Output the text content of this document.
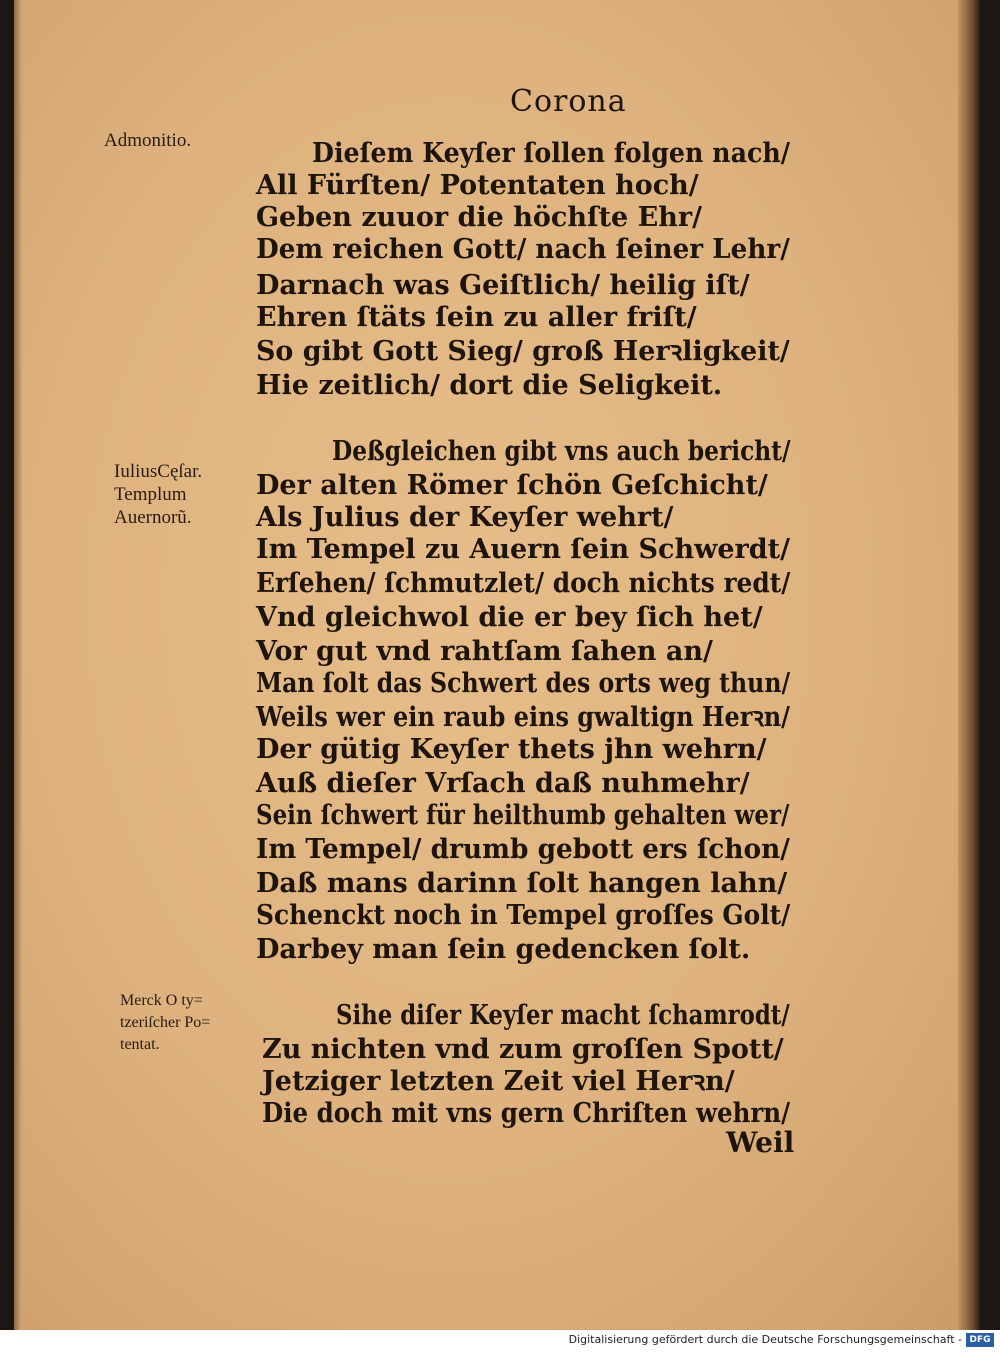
Corona
Admonitio.
IuliusCęſar.
Templum
Auernorũ.
Merck O ty=
tzeriſcher Po=
tentat.
Dieſem Keyſer ſollen folgen nach/
All Fürſten/ Potentaten hoch/
Geben zuuor die höchſte Ehr/
Dem reichen Gott/ nach ſeiner Lehr/
Darnach was Geiſtlich/ heilig iſt/
Ehren ſtäts ſein zu aller friſt/
So gibt Gott Sieg/ groß Herꝛligkeit/
Hie zeitlich/ dort die Seligkeit.
Deßgleichen gibt vns auch bericht/
Der alten Römer ſchön Geſchicht/
Als Julius der Keyſer wehrt/
Im Tempel zu Auern ſein Schwerdt/
Erſehen/ ſchmutzlet/ doch nichts redt/
Vnd gleichwol die er bey ſich het/
Vor gut vnd rahtſam ſahen an/
Man ſolt das Schwert des orts weg thun/
Weils wer ein raub eins gwaltign Herꝛn/
Der gütig Keyſer thets jhn wehrn/
Auß dieſer Vrſach daß nuhmehr/
Sein ſchwert für heilthumb gehalten wer/
Im Tempel/ drumb gebott ers ſchon/
Daß mans darinn ſolt hangen lahn/
Schenckt noch in Tempel groſſes Golt/
Darbey man ſein gedencken ſolt.
Sihe diſer Keyſer macht ſchamrodt/
Zu nichten vnd zum groſſen Spott/
Jetziger letzten Zeit viel Herꝛn/
Die doch mit vns gern Chriſten wehrn/
Weil
Digitalisierung gefördert durch die Deutsche Forschungsgemeinschaft - DFG
